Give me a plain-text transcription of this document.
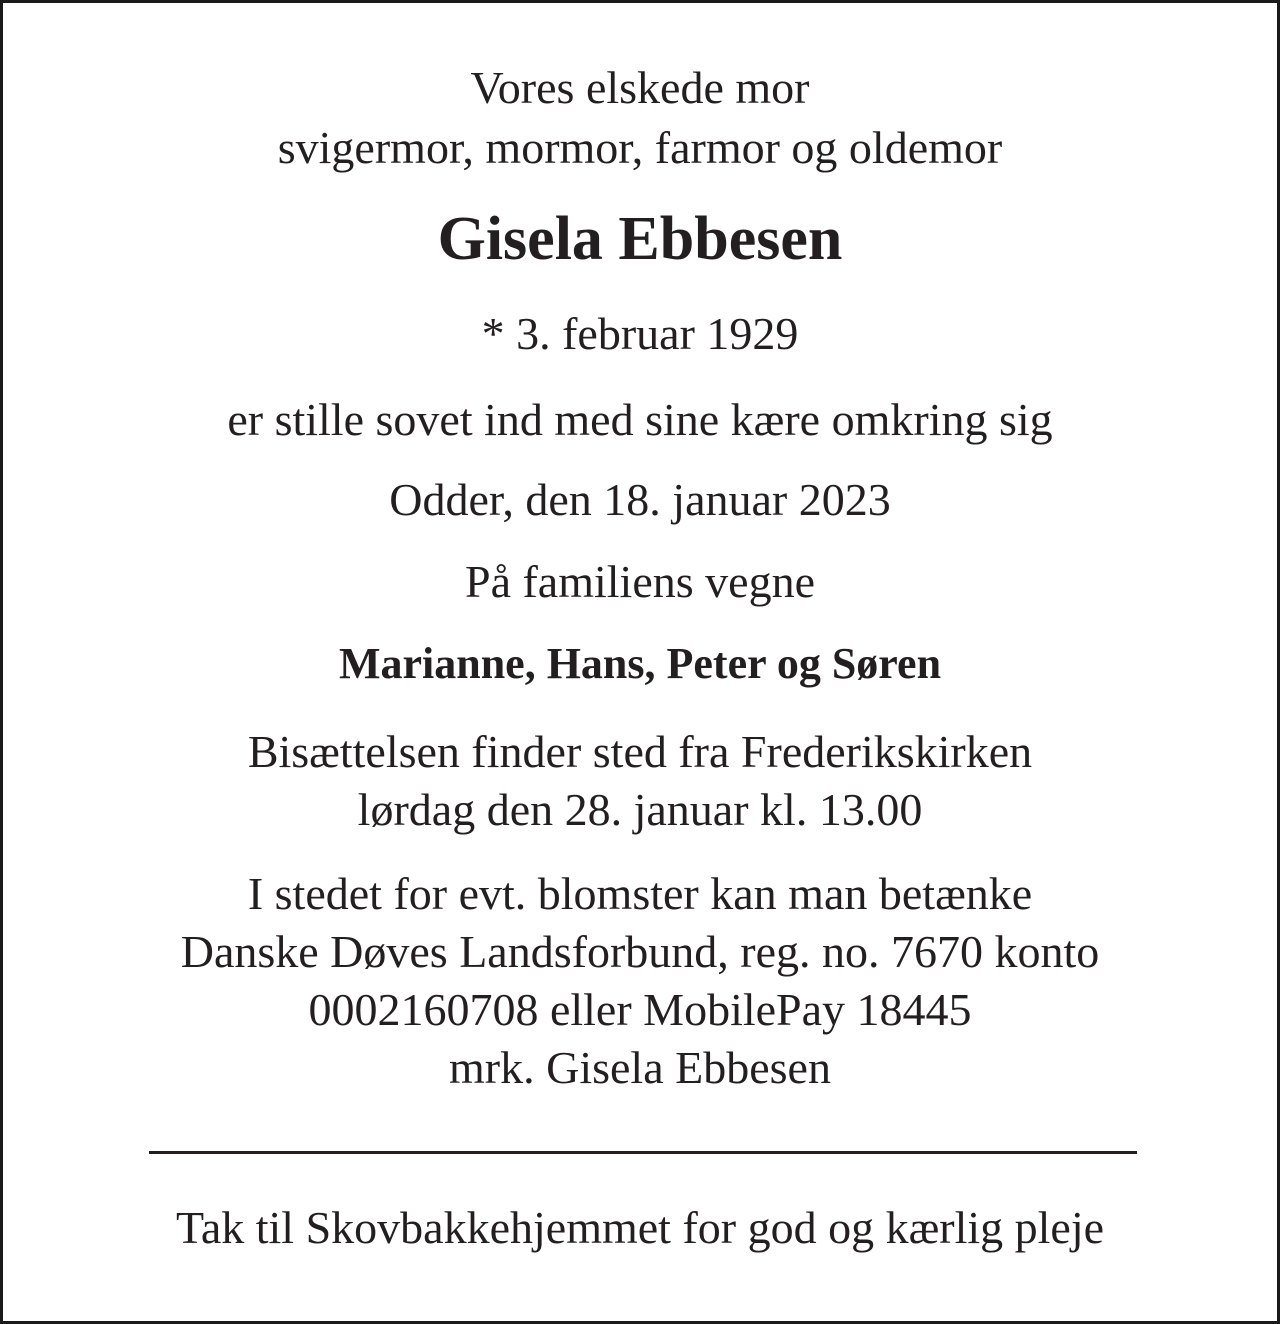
Vores elskede mor

svigermor, mormor, farmor og oldemor

Gisela Ebbesen

* 3. februar 1929

er stille sovet ind med sine kære omkring sig

Odder, den 18. januar 2023

På familiens vegne

Marianne, Hans, Peter og Søren

Bisættelsen finder sted fra Frederikskirken

lørdag den 28. januar kl. 13.00

I stedet for evt. blomster kan man betænke

Danske Døves Landsforbund, reg. no. 7670 konto

0002160708 eller MobilePay 18445

mrk. Gisela Ebbesen

Tak til Skovbakkehjemmet for god og kærlig pleje
